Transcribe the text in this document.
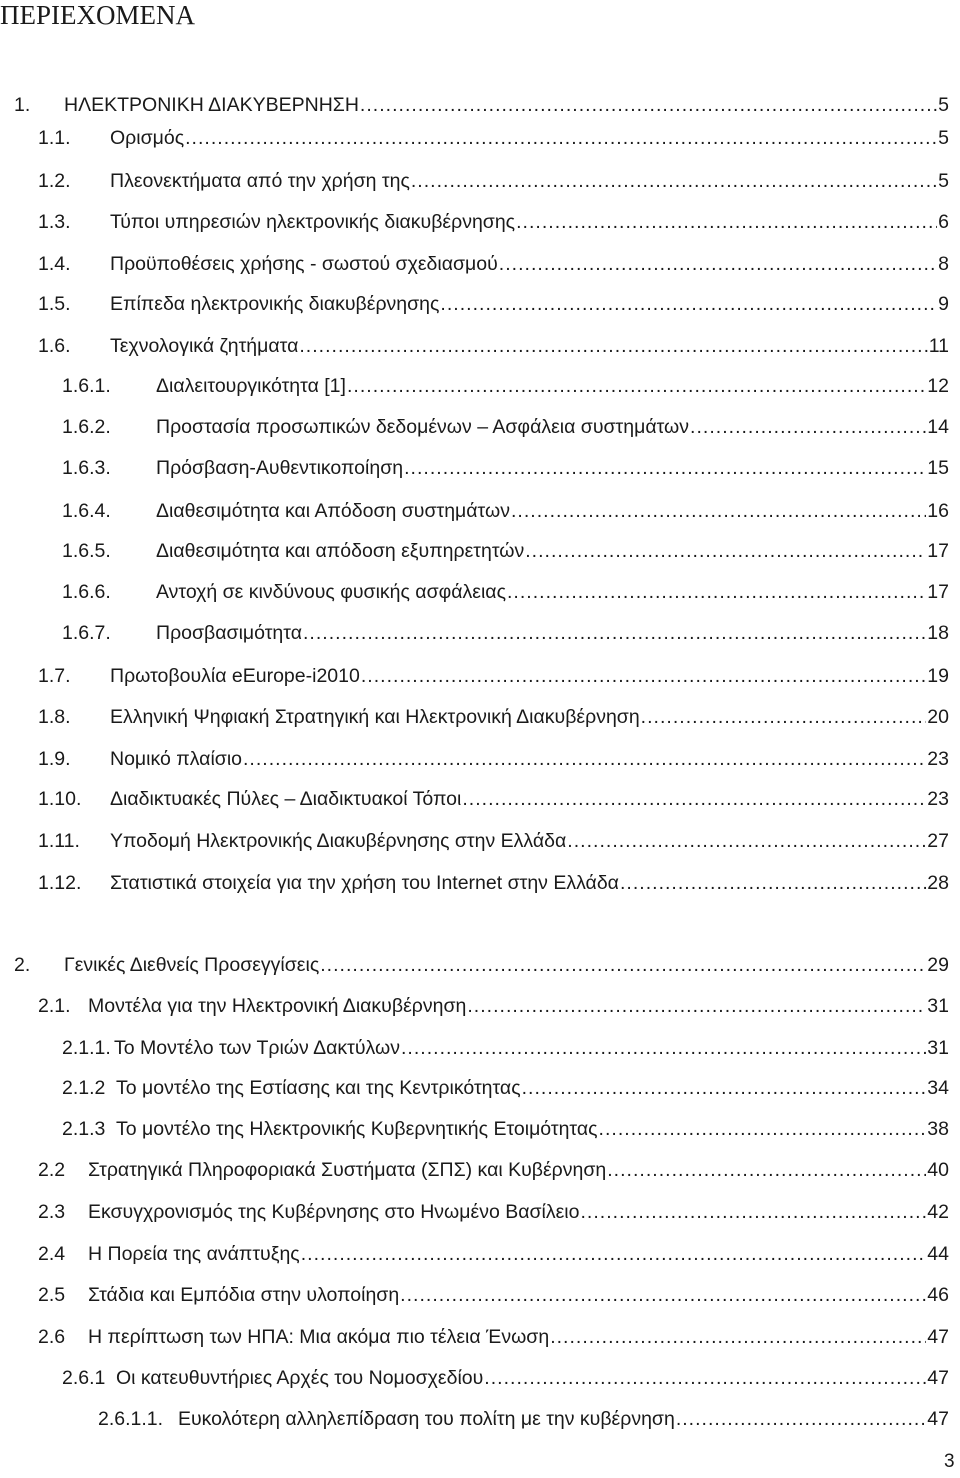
ΠΕΡΙΕΧΟΜΕΝΑ
1.	ΗΛΕΚΤΡΟΝΙΚΗ ΔΙΑΚΥΒΕΡΝΗΣΗ . . .	5
1.1.	Ορισμός . . .	5
1.2.	Πλεονεκτήματα από την χρήση της . . .	5
1.3.	Τύποι υπηρεσιών ηλεκτρονικής διακυβέρνησης . . .	6
1.4.	Προϋποθέσεις χρήσης - σωστού σχεδιασμού . . .	8
1.5.	Επίπεδα ηλεκτρονικής διακυβέρνησης . . .	9
1.6.	Τεχνολογικά ζητήματα . . .	11
1.6.1.	Διαλειτουργικότητα [1] . . .	12
1.6.2.	Προστασία προσωπικών δεδομένων – Ασφάλεια συστημάτων . . .	14
1.6.3.	Πρόσβαση-Αυθεντικοποίηση . . .	15
1.6.4.	Διαθεσιμότητα και Απόδοση συστημάτων . . .	16
1.6.5.	Διαθεσιμότητα και απόδοση εξυπηρετητών . . .	17
1.6.6.	Αντοχή σε κινδύνους φυσικής ασφάλειας . . .	17
1.6.7.	Προσβασιμότητα . . .	18
1.7.	Πρωτοβουλία eEurope-i2010 . . .	19
1.8.	Ελληνική Ψηφιακή Στρατηγική και Ηλεκτρονική Διακυβέρνηση . . .	20
1.9.	Νομικό πλαίσιο . . .	23
1.10.	Διαδικτυακές Πύλες – Διαδικτυακοί Τόποι . . .	23
1.11.	Υποδομή Ηλεκτρονικής Διακυβέρνησης στην Ελλάδα . . .	27
1.12.	Στατιστικά στοιχεία για την χρήση του Internet στην Ελλάδα . . .	28
2.	Γενικές Διεθνείς Προσεγγίσεις . . .	29
2.1. Μοντέλα για την Ηλεκτρονική Διακυβέρνηση . . .	31
2.1.1. Το Μοντέλο των Τριών Δακτύλων . . .	31
2.1.2 Το μοντέλο της Εστίασης και της Κεντρικότητας . . .	34
2.1.3 Το μοντέλο της Ηλεκτρονικής Κυβερνητικής Ετοιμότητας . . .	38
2.2	Στρατηγικά Πληροφοριακά Συστήματα (ΣΠΣ) και Κυβέρνηση . . .	40
2.3	Εκσυγχρονισμός της Κυβέρνησης στο Ηνωμένο Βασίλειο . . .	42
2.4	Η Πορεία της ανάπτυξης . . .	44
2.5	Στάδια και Εμπόδια στην υλοποίηση . . .	46
2.6	Η περίπτωση των ΗΠΑ: Μια ακόμα πιο τέλεια Ένωση . . .	47
2.6.1 Οι κατευθυντήριες Αρχές του Νομοσχεδίου . . .	47
2.6.1.1. Ευκολότερη αλληλεπίδραση του πολίτη με την κυβέρνηση . . .	47
3
